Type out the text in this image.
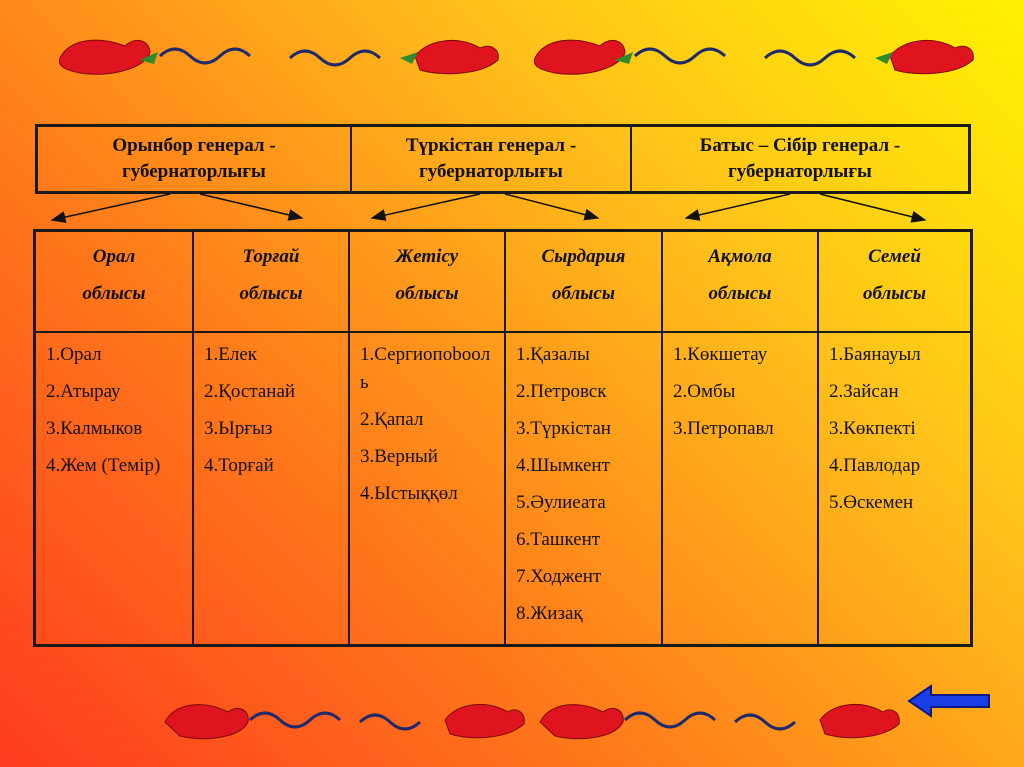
Орынбор генерал -
губернаторлығы
Түркістан генерал -
губернаторлығы
Батыс – Сібір генерал -
губернаторлығы
Орал
облысы
1.Орал
2.Атырау
3.Калмыков
4.Жем (Темір)
Торғай
облысы
1.Елек
2.Қостанай
3.Ырғыз
4.Торғай
Жетісу
облысы
1.Сергиопоbooль
2.Қапал
3.Верный
4.Ыстыққөл
Сырдария
облысы
1.Қазалы
2.Петровск
3.Түркістан
4.Шымкент
5.Әулиеата
6.Ташкент
7.Ходжент
8.Жизақ
Ақмола
облысы
1.Көкшетау
2.Омбы
3.Петропавл
Семей
облысы
1.Баянауыл
2.Зайсан
3.Көкпекті
4.Павлодар
5.Өскемен
